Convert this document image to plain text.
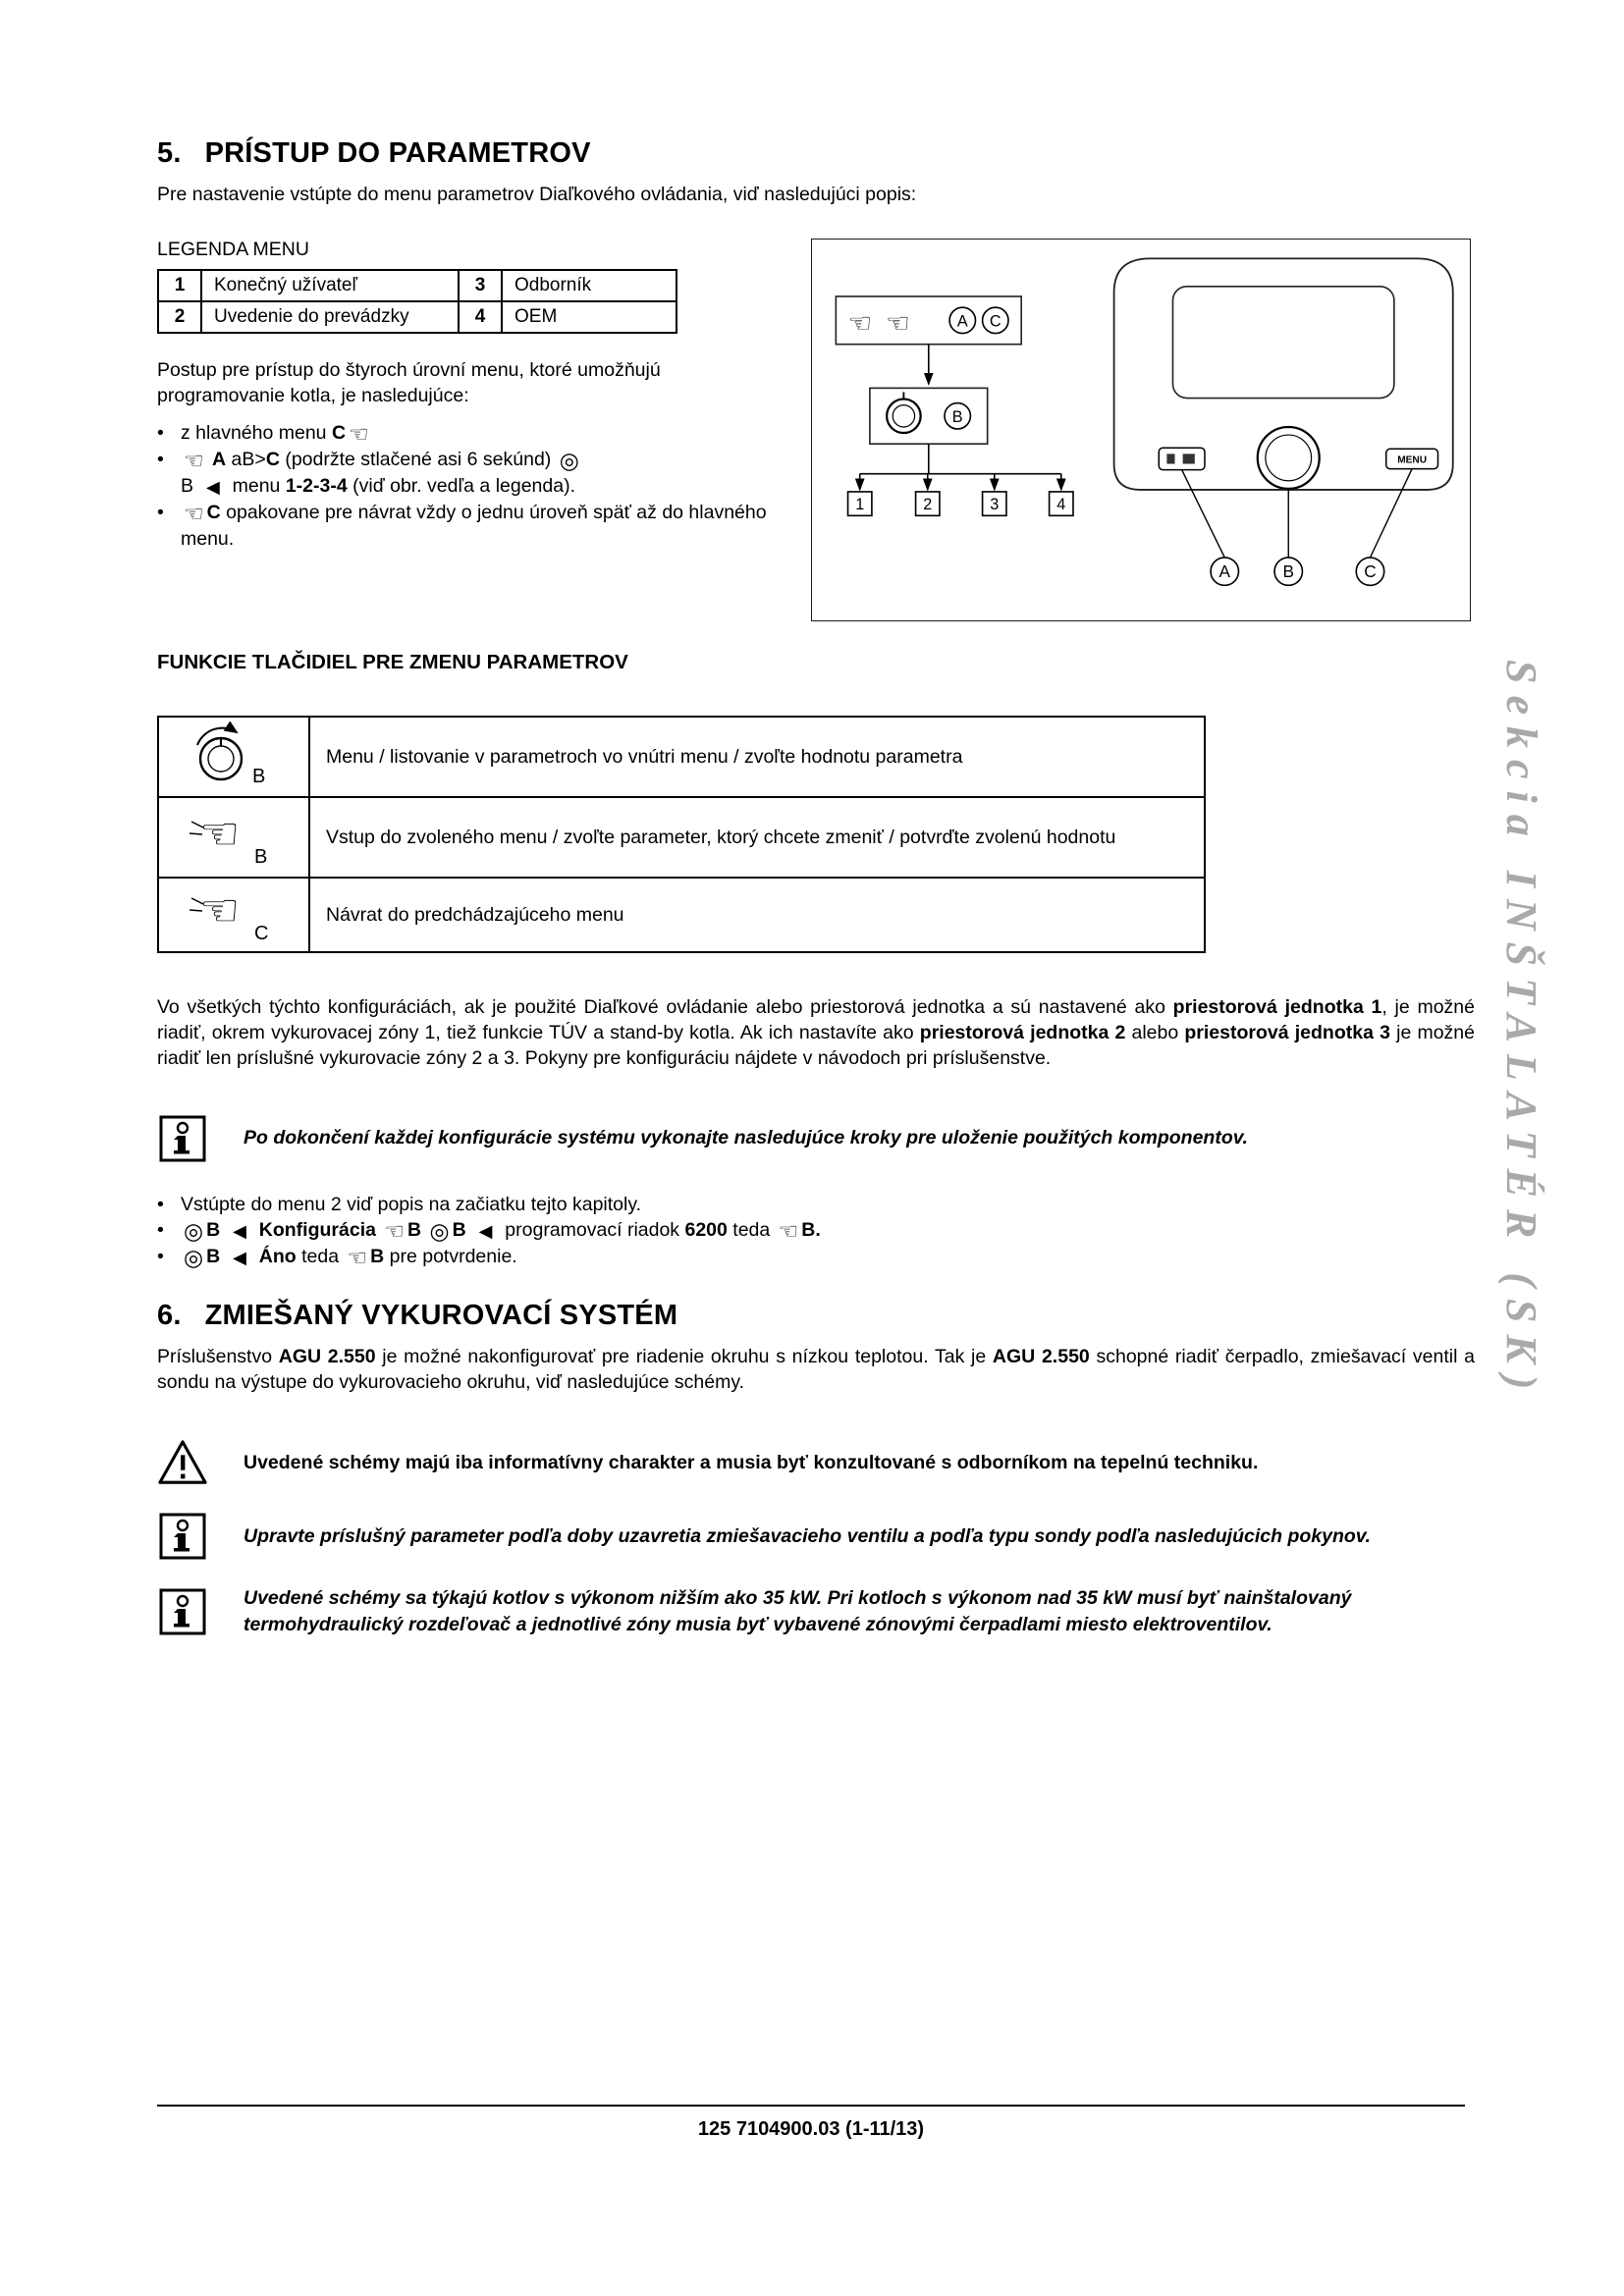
5. PRÍSTUP DO PARAMETROV

Pre nastavenie vstúpte do menu parametrov Diaľkového ovládania, viď nasledujúci popis:

LEGENDA MENU

1	Konečný užívateľ	3	Odborník
2	Uvedenie do prevádzky	4	OEM

Postup pre prístup do štyroch úrovní menu, ktoré umožňujú programovanie kotla, je nasledujúce:

• z hlavného menu C ☜
• ☜ A aB>C (podržte stlačené asi 6 sekúnd) ◎
B ◄ menu 1-2-3-4 (viď obr. vedľa a legenda).
• ☜ C opakovane pre návrat vždy o jednu úroveň späť až do hlavného menu.
☜ ☜	A C
B
1	2	3	4
MENU
A	B	C

FUNKCIE TLAČIDIEL PRE ZMENU PARAMETROV

B	Menu / listovanie v parametroch vo vnútri menu / zvoľte hodnotu parametra

☜ B	Vstup do zvoleného menu / zvoľte parameter, ktorý chcete zmeniť / potvrďte zvolenú hodnotu

☜ C	Návrat do predchádzajúceho menu

Vo všetkých týchto konfiguráciách, ak je použité Diaľkové ovládanie alebo priestorová jednotka a sú nastavené ako priestorová jednotka 1, je možné riadiť, okrem vykurovacej zóny 1, tiež funkcie TÚV a stand-by kotla. Ak ich nastavíte ako priestorová jednotka 2 alebo priestorová jednotka 3 je možné riadiť len príslušné vykurovacie zóny 2 a 3. Pokyny pre konfiguráciu nájdete v návodoch pri príslušenstve.

Po dokončení každej konfigurácie systému vykonajte nasledujúce kroky pre uloženie použitých komponentov.

• Vstúpte do menu 2 viď popis na začiatku tejto kapitoly.
• ◎ B ◄ Konfigurácia ☜ B ◎ B ◄ programovací riadok 6200 teda ☜ B.
• ◎ B ◄ Áno teda ☜ B pre potvrdenie.
6. ZMIEŠANÝ VYKUROVACÍ SYSTÉM

Príslušenstvo AGU 2.550 je možné nakonfigurovať pre riadenie okruhu s nízkou teplotou. Tak je AGU 2.550 schopné riadiť čerpadlo, zmiešavací ventil a sondu na výstupe do vykurovacieho okruhu, viď nasledujúce schémy.

Uvedené schémy majú iba informatívny charakter a musia byť konzultované s odborníkom na tepelnú techniku.

Upravte príslušný parameter podľa doby uzavretia zmiešavacieho ventilu a podľa typu sondy podľa nasledujúcich pokynov.

Uvedené schémy sa týkajú kotlov s výkonom nižším ako 35 kW. Pri kotloch s výkonom nad 35 kW musí byť nainštalovaný termohydraulický rozdeľovač a jednotlivé zóny musia byť vybavené zónovými čerpadlami miesto elektroventilov.

Sekcia INŠTALATÉR (SK)

125 7104900.03 (1-11/13)
